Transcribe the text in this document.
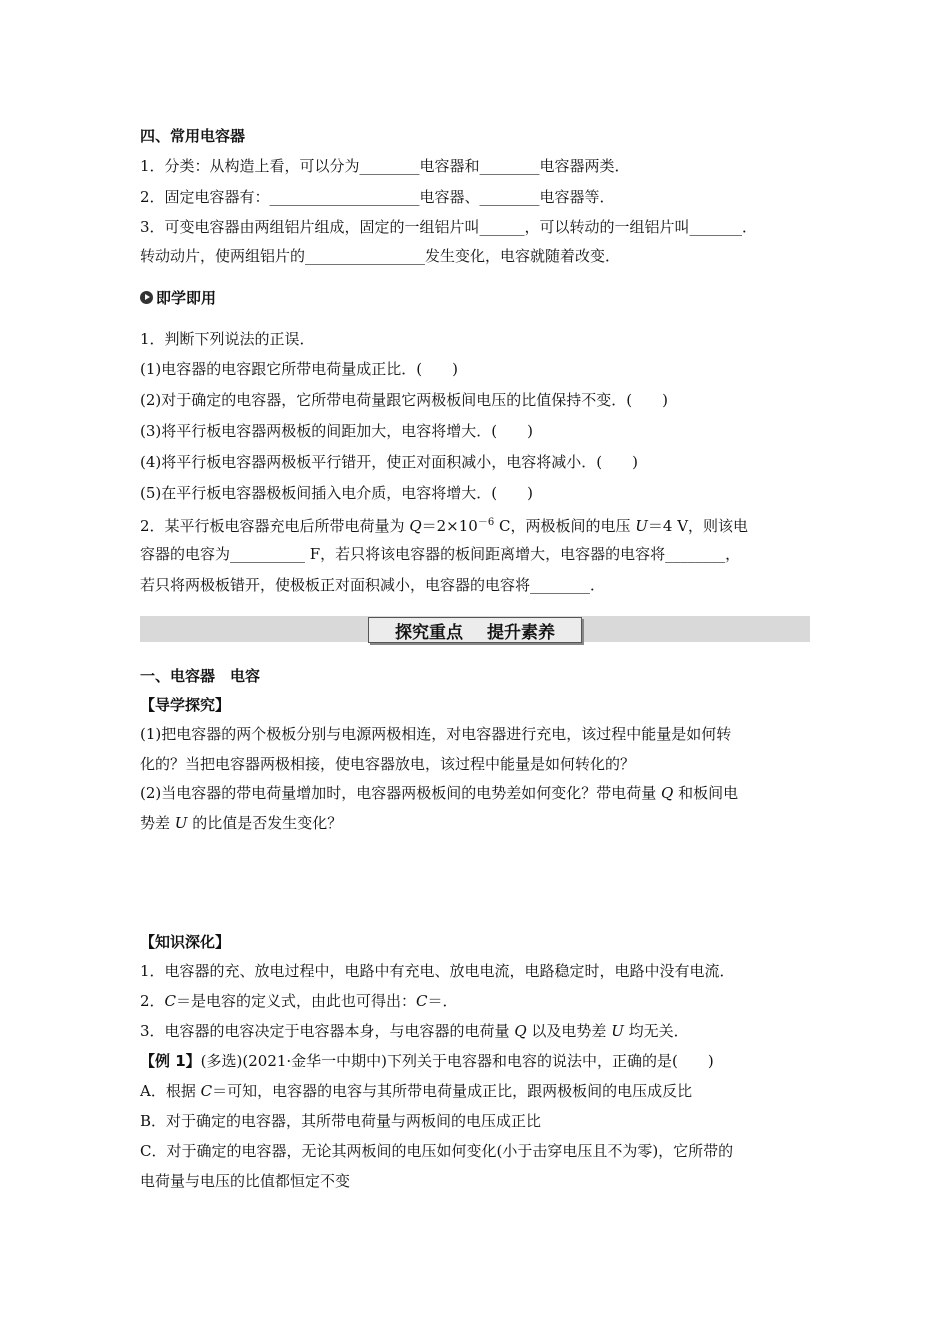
四、常用电容器
1．分类：从构造上看，可以分为________电容器和________电容器两类．
2．固定电容器有：____________________电容器、________电容器等．
3．可变电容器由两组铝片组成，固定的一组铝片叫______，可以转动的一组铝片叫_______．
转动动片，使两组铝片的________________发生变化，电容就随着改变．
即学即用
1．判断下列说法的正误．
(1)电容器的电容跟它所带电荷量成正比．(　　)
(2)对于确定的电容器，它所带电荷量跟它两极板间电压的比值保持不变．(　　)
(3)将平行板电容器两极板的间距加大，电容将增大．(　　)
(4)将平行板电容器两极板平行错开，使正对面积减小，电容将减小．(　　)
(5)在平行板电容器极板间插入电介质，电容将增大．(　　)
2．某平行板电容器充电后所带电荷量为 $Q=2\times 10^{-6}$ C，两极板间的电压 U＝4 V，则该电
容器的电容为__________ F，若只将该电容器的板间距离增大，电容器的电容将________，
若只将两极板错开，使极板正对面积减小，电容器的电容将________．
探究重点 提升素养
一、电容器　电容
【导学探究】
(1)把电容器的两个极板分别与电源两极相连，对电容器进行充电，该过程中能量是如何转
化的？当把电容器两极相接，使电容器放电，该过程中能量是如何转化的？
(2)当电容器的带电荷量增加时，电容器两极板间的电势差如何变化？带电荷量 Q 和板间电
势差 U 的比值是否发生变化？
【知识深化】
1．电容器的充、放电过程中，电路中有充电、放电电流，电路稳定时，电路中没有电流．
2．C＝是电容的定义式，由此也可得出：C＝．
3．电容器的电容决定于电容器本身，与电容器的电荷量 Q 以及电势差 U 均无关．
【例 1】(多选)(2021·金华一中期中)下列关于电容器和电容的说法中，正确的是(　　)
A．根据 C＝可知，电容器的电容与其所带电荷量成正比，跟两极板间的电压成反比
B．对于确定的电容器，其所带电荷量与两板间的电压成正比
C．对于确定的电容器，无论其两板间的电压如何变化(小于击穿电压且不为零)，它所带的
电荷量与电压的比值都恒定不变
